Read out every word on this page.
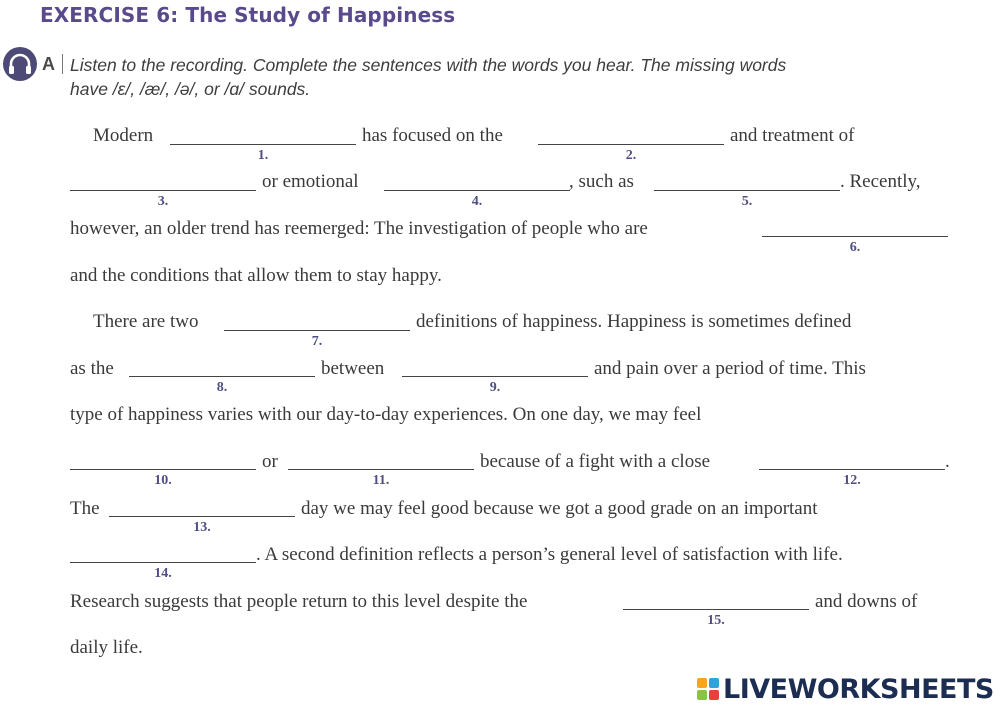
EXERCISE 6: The Study of Happiness
A Listen to the recording. Complete the sentences with the words you hear. The missing words
have /ɛ/, /æ/, /ə/, or /ɑ/ sounds.
Modern
1.
has focused on the
2.
and treatment of
3.
or emotional
4.
, such as
5.
. Recently,
however, an older trend has reemerged: The investigation of people who are
6.
and the conditions that allow them to stay happy.
There are two
7.
definitions of happiness. Happiness is sometimes defined
as the
8.
between
9.
and pain over a period of time. This
type of happiness varies with our day-to-day experiences. On one day, we may feel
10.
or
11.
because of a fight with a close
12.
.
The
13.
day we may feel good because we got a good grade on an important
14.
. A second definition reflects a person’s general level of satisfaction with life.
Research suggests that people return to this level despite the
15.
and downs of
daily life.
LIVEWORKSHEETS
